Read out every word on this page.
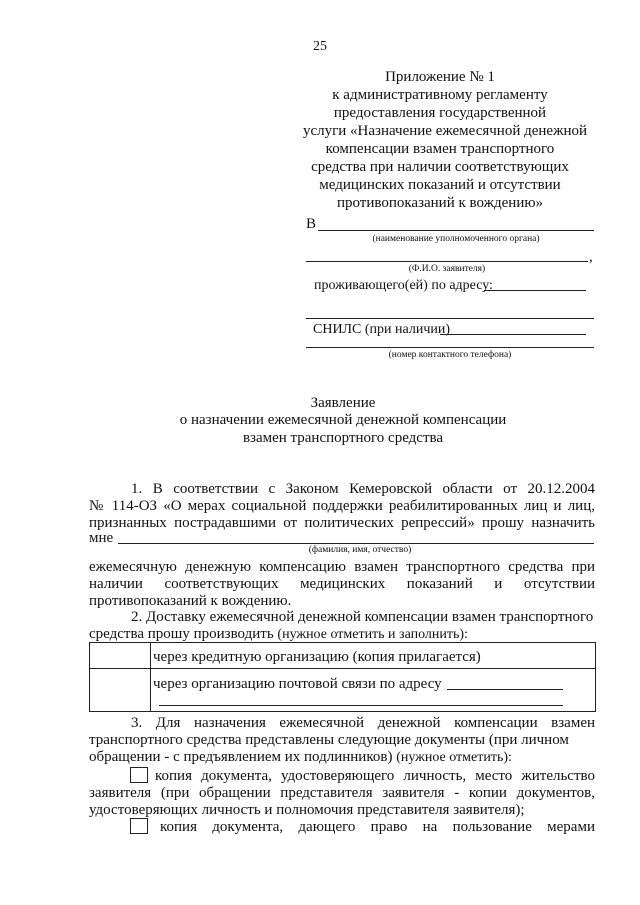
25
Приложение № 1
к административному регламенту
предоставления государственной
услуги «Назначение ежемесячной денежной
компенсации взамен транспортного
средства при наличии соответствующих
медицинских показаний и отсутствии
противопоказаний к вождению»
В
(наименование уполномоченного органа)
,
(Ф.И.О. заявителя)
проживающего(ей) по адресу:
СНИЛС (при наличии)
(номер контактного телефона)
Заявление
о назначении ежемесячной денежной компенсации
взамен транспортного средства
1. В соответствии с Законом Кемеровской области от 20.12.2004
№ 114-ОЗ «О мерах социальной поддержки реабилитированных лиц и лиц,
признанных пострадавшими от политических репрессий» прошу назначить
мне
(фамилия, имя, отчество)
ежемесячную денежную компенсацию взамен транспортного средства при
наличии соответствующих медицинских показаний и отсутствии
противопоказаний к вождению.
2. Доставку ежемесячной денежной компенсации взамен транспортного
средства прошу производить (нужное отметить и заполнить):

	через кредитную организацию (копия прилагается)

	через организацию почтовой связи по адресу
3. Для назначения ежемесячной денежной компенсации взамен
транспортного средства представлены следующие документы (при личном
обращении - с предъявлением их подлинников) (нужное отметить):
копия документа, удостоверяющего личность, место жительство
заявителя (при обращении представителя заявителя - копии документов,
удостоверяющих личность и полномочия представителя заявителя);
копия документа, дающего право на пользование мерами
